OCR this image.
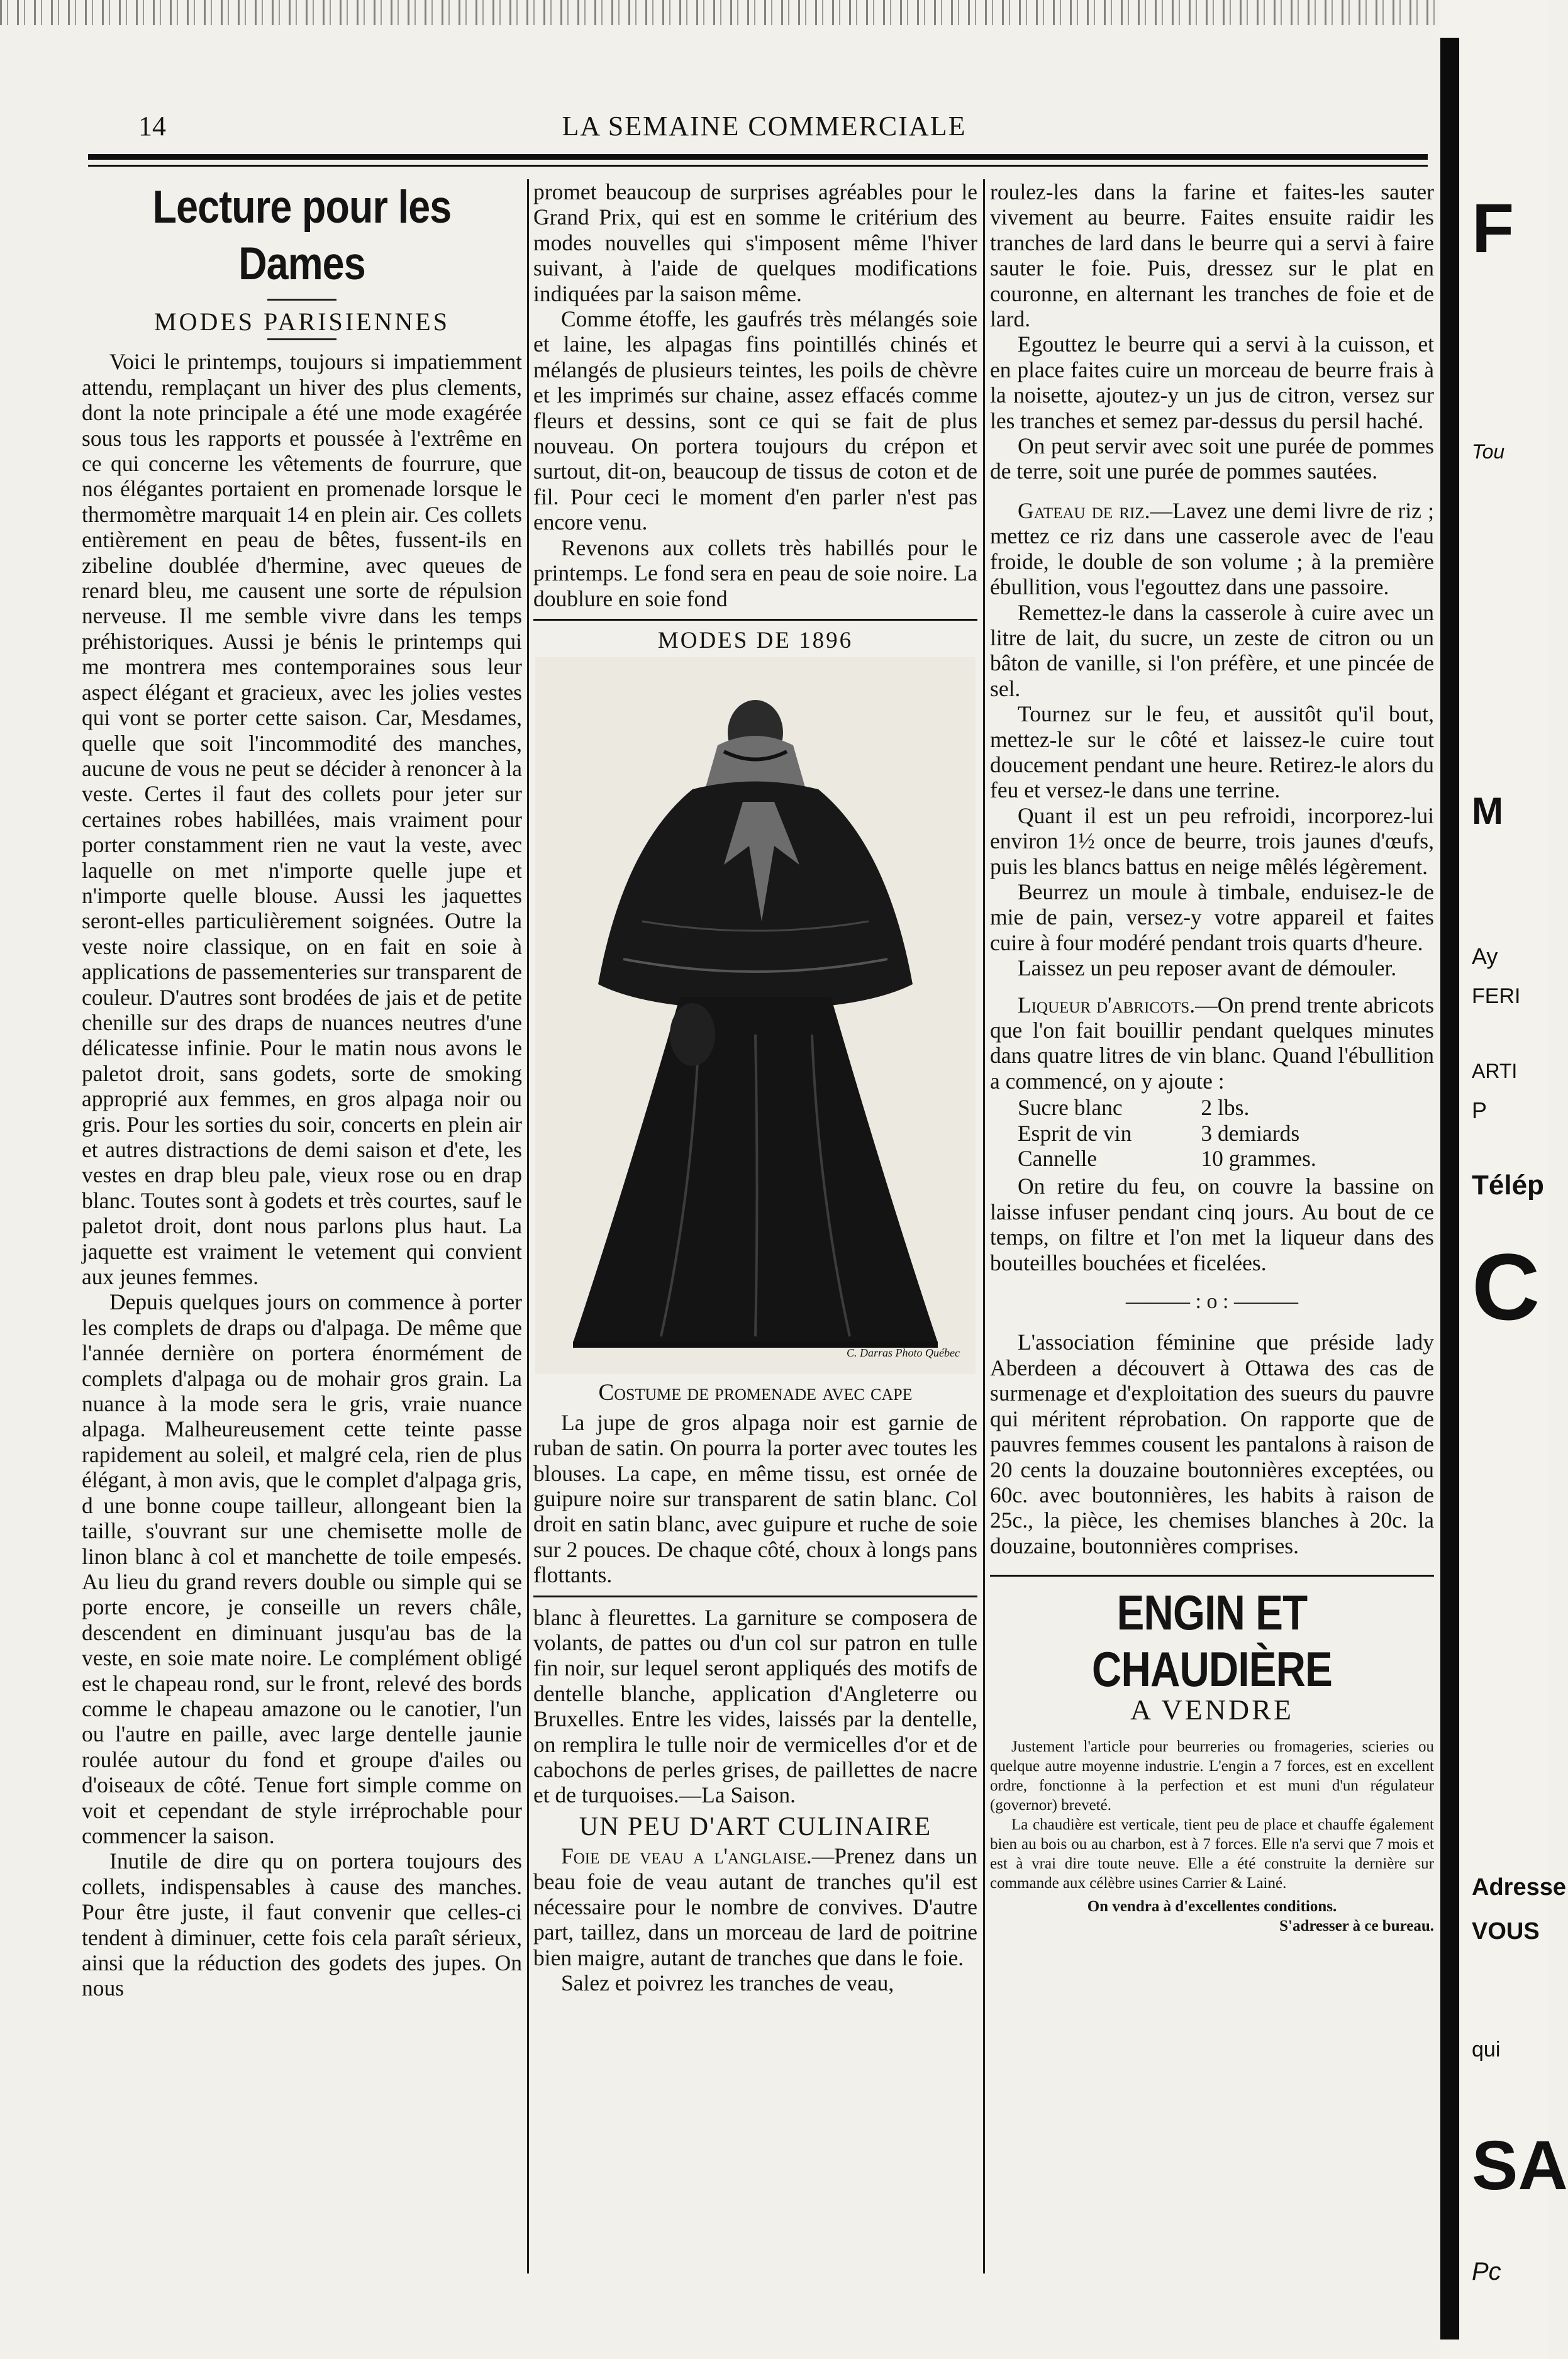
14	LA SEMAINE COMMERCIALE
Lecture pour les Dames
MODES PARISIENNES

Voici le printemps, toujours si impatiemment attendu, remplaçant un hiver des plus clements, dont la note principale a été une mode exagérée sous tous les rapports et poussée à l'extrême en ce qui concerne les vêtements de fourrure, que nos élégantes portaient en promenade lorsque le thermomètre marquait 14 en plein air. Ces collets entièrement en peau de bêtes, fussent-ils en zibeline doublée d'hermine, avec queues de renard bleu, me causent une sorte de répulsion nerveuse. Il me semble vivre dans les temps préhistoriques. Aussi je bénis le printemps qui me montrera mes contemporaines sous leur aspect élégant et gracieux, avec les jolies vestes qui vont se porter cette saison. Car, Mesdames, quelle que soit l'incommodité des manches, aucune de vous ne peut se décider à renoncer à la veste. Certes il faut des collets pour jeter sur certaines robes habillées, mais vraiment pour porter constamment rien ne vaut la veste, avec laquelle on met n'importe quelle jupe et n'importe quelle blouse. Aussi les jaquettes seront-elles particulièrement soignées. Outre la veste noire classique, on en fait en soie à applications de passementeries sur transparent de couleur. D'autres sont brodées de jais et de petite chenille sur des draps de nuances neutres d'une délicatesse infinie. Pour le matin nous avons le paletot droit, sans godets, sorte de smoking approprié aux femmes, en gros alpaga noir ou gris. Pour les sorties du soir, concerts en plein air et autres distractions de demi saison et d'ete, les vestes en drap bleu pale, vieux rose ou en drap blanc. Toutes sont à godets et très courtes, sauf le paletot droit, dont nous parlons plus haut. La jaquette est vraiment le vetement qui convient aux jeunes femmes.

Depuis quelques jours on commence à porter les complets de draps ou d'alpaga. De même que l'année dernière on portera énormément de complets d'alpaga ou de mohair gros grain. La nuance à la mode sera le gris, vraie nuance alpaga. Malheureusement cette teinte passe rapidement au soleil, et malgré cela, rien de plus élégant, à mon avis, que le complet d'alpaga gris, d une bonne coupe tailleur, allongeant bien la taille, s'ouvrant sur une chemisette molle de linon blanc à col et manchette de toile empesés. Au lieu du grand revers double ou simple qui se porte encore, je conseille un revers châle, descendent en diminuant jusqu'au bas de la veste, en soie mate noire. Le complément obligé est le chapeau rond, sur le front, relevé des bords comme le chapeau amazone ou le canotier, l'un ou l'autre en paille, avec large dentelle jaunie roulée autour du fond et groupe d'ailes ou d'oiseaux de côté. Tenue fort simple comme on voit et cependant de style irréprochable pour commencer la saison.

Inutile de dire qu on portera toujours des collets, indispensables à cause des manches. Pour être juste, il faut convenir que celles-ci tendent à diminuer, cette fois cela paraît sérieux, ainsi que la réduction des godets des jupes. On nous

promet beaucoup de surprises agréables pour le Grand Prix, qui est en somme le critérium des modes nouvelles qui s'imposent même l'hiver suivant, à l'aide de quelques modifications indiquées par la saison même.

Comme étoffe, les gaufrés très mélangés soie et laine, les alpagas fins pointillés chinés et mélangés de plusieurs teintes, les poils de chèvre et les imprimés sur chaine, assez effacés comme fleurs et dessins, sont ce qui se fait de plus nouveau. On portera toujours du crépon et surtout, dit-on, beaucoup de tissus de coton et de fil. Pour ceci le moment d'en parler n'est pas encore venu.

Revenons aux collets très habillés pour le printemps. Le fond sera en peau de soie noire. La doublure en soie fond

MODES DE 1896
C. Darras Photo Québec
Costume de promenade avec cape

La jupe de gros alpaga noir est garnie de ruban de satin. On pourra la porter avec toutes les blouses. La cape, en même tissu, est ornée de guipure noire sur transparent de satin blanc. Col droit en satin blanc, avec guipure et ruche de soie sur 2 pouces. De chaque côté, choux à longs pans flottants.

blanc à fleurettes. La garniture se composera de volants, de pattes ou d'un col sur patron en tulle fin noir, sur lequel seront appliqués des motifs de dentelle blanche, application d'Angleterre ou Bruxelles. Entre les vides, laissés par la dentelle, on remplira le tulle noir de vermicelles d'or et de cabochons de perles grises, de paillettes de nacre et de turquoises.—La Saison.

UN PEU D'ART CULINAIRE

Foie de veau a l'anglaise.—Prenez dans un beau foie de veau autant de tranches qu'il est nécessaire pour le nombre de convives. D'autre part, taillez, dans un morceau de lard de poitrine bien maigre, autant de tranches que dans le foie.

Salez et poivrez les tranches de veau,

roulez-les dans la farine et faites-les sauter vivement au beurre. Faites ensuite raidir les tranches de lard dans le beurre qui a servi à faire sauter le foie. Puis, dressez sur le plat en couronne, en alternant les tranches de foie et de lard.

Egouttez le beurre qui a servi à la cuisson, et en place faites cuire un morceau de beurre frais à la noisette, ajoutez-y un jus de citron, versez sur les tranches et semez par-dessus du persil haché.

On peut servir avec soit une purée de pommes de terre, soit une purée de pommes sautées.

Gateau de riz.—Lavez une demi livre de riz ; mettez ce riz dans une casserole avec de l'eau froide, le double de son volume ; à la première ébullition, vous l'egouttez dans une passoire.

Remettez-le dans la casserole à cuire avec un litre de lait, du sucre, un zeste de citron ou un bâton de vanille, si l'on préfère, et une pincée de sel.

Tournez sur le feu, et aussitôt qu'il bout, mettez-le sur le côté et laissez-le cuire tout doucement pendant une heure. Retirez-le alors du feu et versez-le dans une terrine.

Quant il est un peu refroidi, incorporez-lui environ 1½ once de beurre, trois jaunes d'œufs, puis les blancs battus en neige mêlés légèrement.

Beurrez un moule à timbale, enduisez-le de mie de pain, versez-y votre appareil et faites cuire à four modéré pendant trois quarts d'heure.

Laissez un peu reposer avant de démouler.

Liqueur d'abricots.—On prend trente abricots que l'on fait bouillir pendant quelques minutes dans quatre litres de vin blanc. Quand l'ébullition a commencé, on y ajoute :

Sucre blanc	2 lbs.
Esprit de vin	3 demiards
Cannelle	10 grammes.

On retire du feu, on couvre la bassine on laisse infuser pendant cinq jours. Au bout de ce temps, on filtre et l'on met la liqueur dans des bouteilles bouchées et ficelées.

——— : o : ———

L'association féminine que préside lady Aberdeen a découvert à Ottawa des cas de surmenage et d'exploitation des sueurs du pauvre qui méritent réprobation. On rapporte que de pauvres femmes cousent les pantalons à raison de 20 cents la douzaine boutonnières exceptées, ou 60c. avec boutonnières, les habits à raison de 25c., la pièce, les chemises blanches à 20c. la douzaine, boutonnières comprises.

ENGIN ET CHAUDIÈRE
A VENDRE

Justement l'article pour beurreries ou fromageries, scieries ou quelque autre moyenne industrie. L'engin a 7 forces, est en excellent ordre, fonctionne à la perfection et est muni d'un régulateur (governor) breveté.

La chaudière est verticale, tient peu de place et chauffe également bien au bois ou au charbon, est à 7 forces. Elle n'a servi que 7 mois et est à vrai dire toute neuve. Elle a été construite la dernière sur commande aux célèbre usines Carrier & Lainé.

On vendra à d'excellentes conditions.

S'adresser à ce bureau.

F
Tou
M
Ay
FERI
ARTI
P
Télép
C
Adresse
VOUS
qui
SA
Pc
